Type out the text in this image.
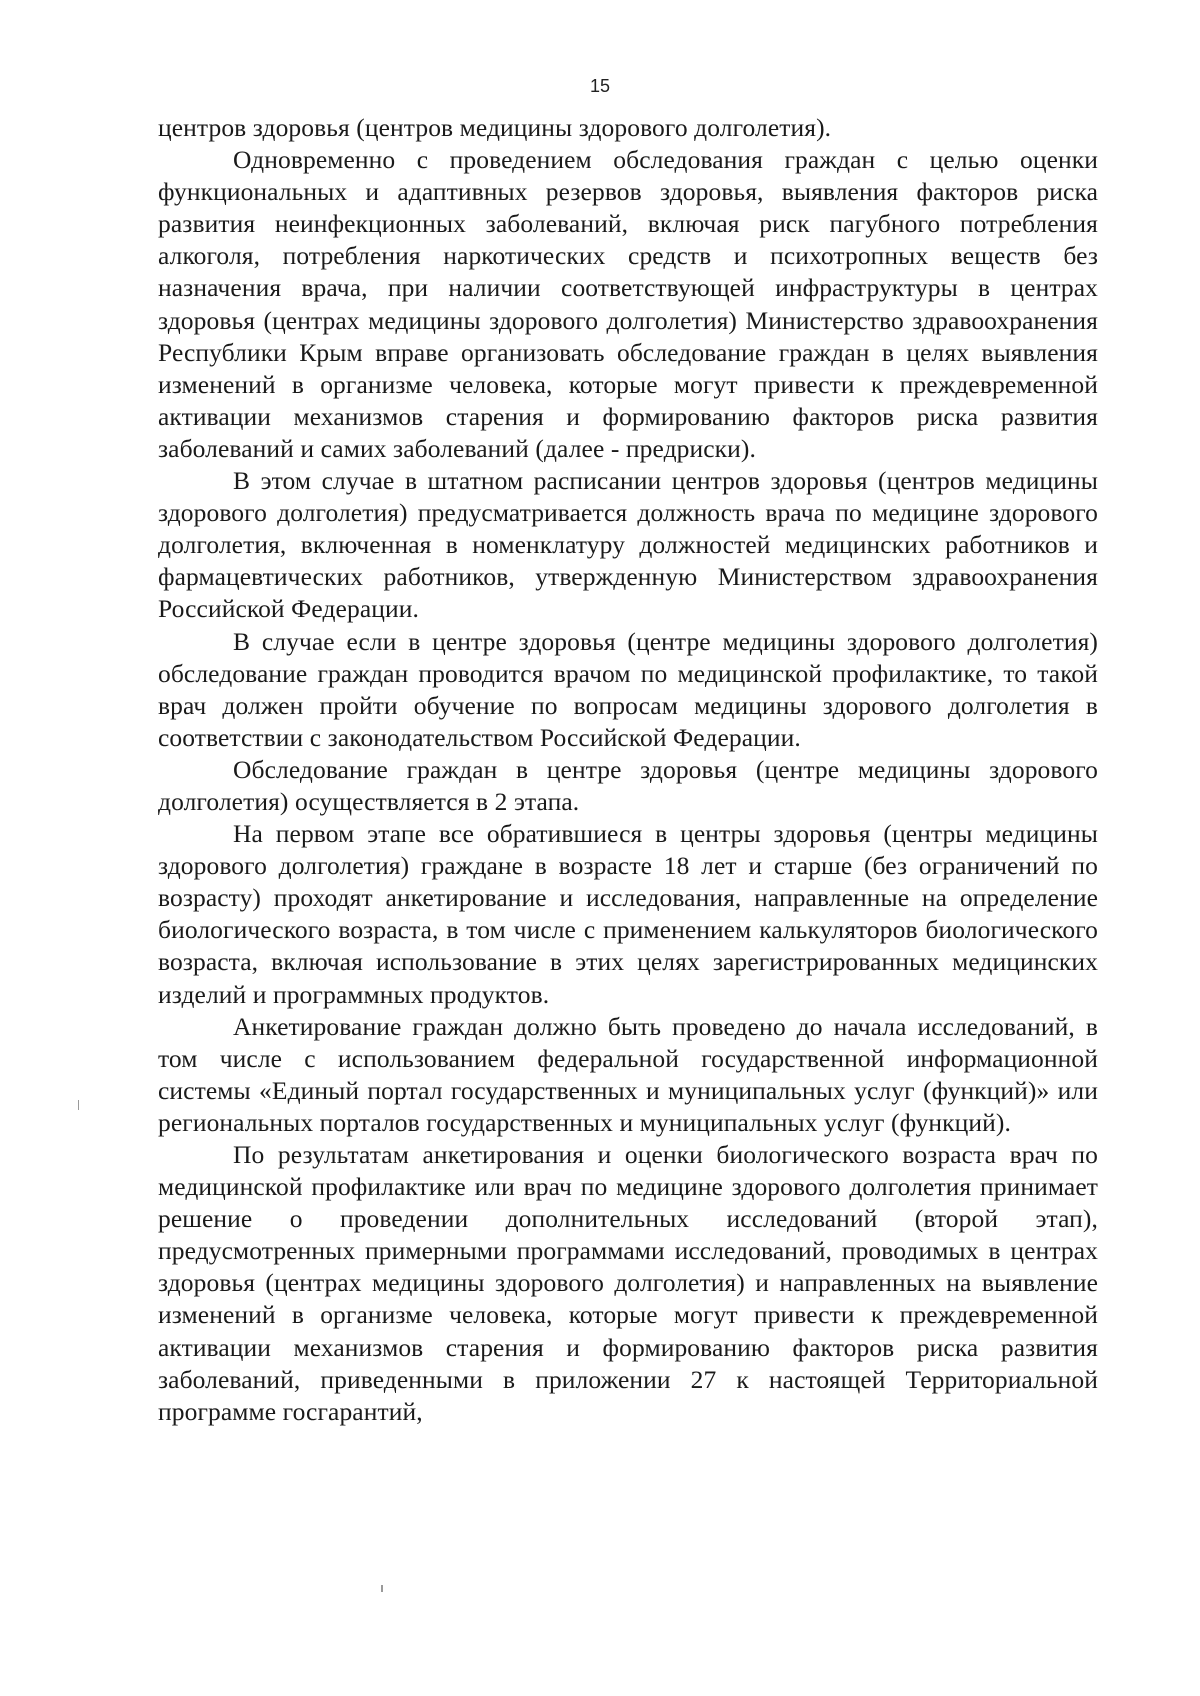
15

центров здоровья (центров медицины здорового долголетия).

Одновременно с проведением обследования граждан с целью оценки функциональных и адаптивных резервов здоровья, выявления факторов риска развития неинфекционных заболеваний, включая риск пагубного потребления алкоголя, потребления наркотических средств и психотропных веществ без назначения врача, при наличии соответствующей инфраструктуры в центрах здоровья (центрах медицины здорового долголетия) Министерство здравоохранения Республики Крым вправе организовать обследование граждан в целях выявления изменений в организме человека, которые могут привести к преждевременной активации механизмов старения и формированию факторов риска развития заболеваний и самих заболеваний (далее - предриски).

В этом случае в штатном расписании центров здоровья (центров медицины здорового долголетия) предусматривается должность врача по медицине здорового долголетия, включенная в номенклатуру должностей медицинских работников и фармацевтических работников, утвержденную Министерством здравоохранения Российской Федерации.

В случае если в центре здоровья (центре медицины здорового долголетия) обследование граждан проводится врачом по медицинской профилактике, то такой врач должен пройти обучение по вопросам медицины здорового долголетия в соответствии с законодательством Российской Федерации.

Обследование граждан в центре здоровья (центре медицины здорового долголетия) осуществляется в 2 этапа.

На первом этапе все обратившиеся в центры здоровья (центры медицины здорового долголетия) граждане в возрасте 18 лет и старше (без ограничений по возрасту) проходят анкетирование и исследования, направленные на определение биологического возраста, в том числе с применением калькуляторов биологического возраста, включая использование в этих целях зарегистрированных медицинских изделий и программных продуктов.

Анкетирование граждан должно быть проведено до начала исследований, в том числе с использованием федеральной государственной информационной системы «Единый портал государственных и муниципальных услуг (функций)» или региональных порталов государственных и муниципальных услуг (функций).

По результатам анкетирования и оценки биологического возраста врач по медицинской профилактике или врач по медицине здорового долголетия принимает решение о проведении дополнительных исследований (второй этап), предусмотренных примерными программами исследований, проводимых в центрах здоровья (центрах медицины здорового долголетия) и направленных на выявление изменений в организме человека, которые могут привести к преждевременной активации механизмов старения и формированию факторов риска развития заболеваний, приведенными в приложении 27 к настоящей Территориальной программе госгарантий,
